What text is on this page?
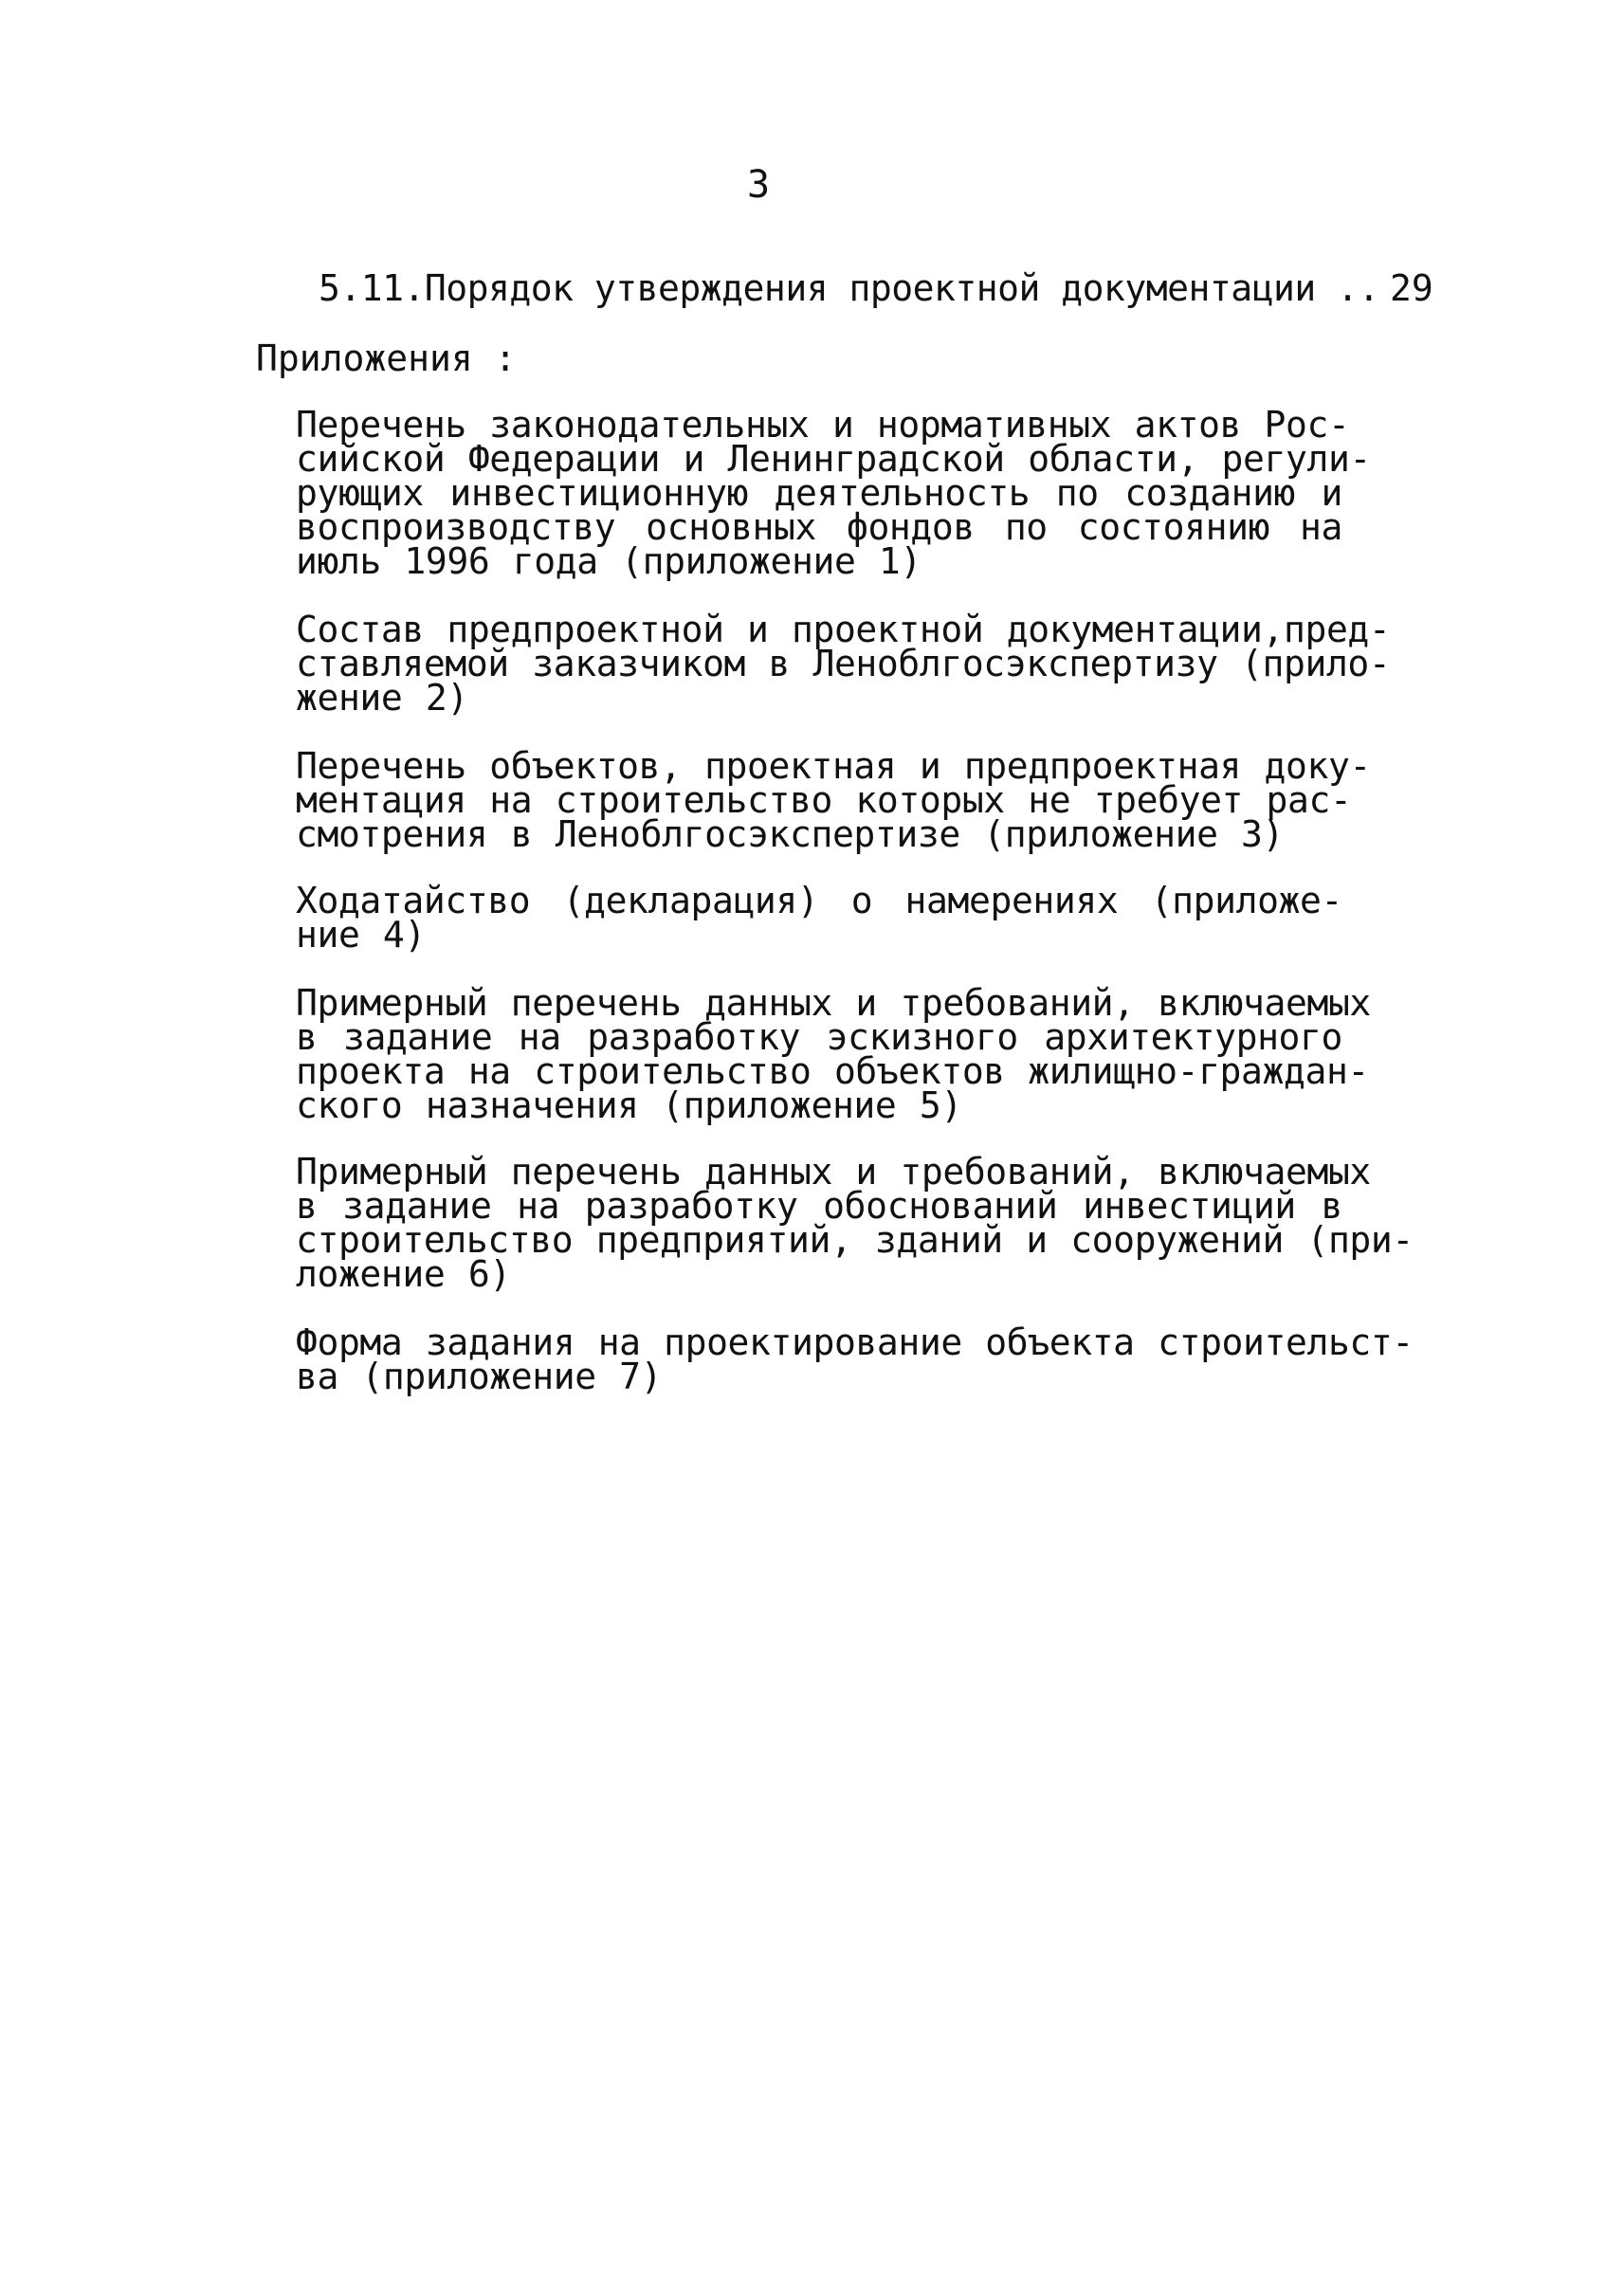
3
5.11.Порядок утверждения проектной документации .. 29
Приложения :
Перечень законодательных и нормативных актов Рос-
сийской Федерации и Ленинградской области, регули-
рующих инвестиционную деятельность по созданию и
воспроизводству основных фондов по состоянию на
июль 1996 года (приложение 1)
Состав предпроектной и проектной документации,пред-
ставляемой заказчиком в Леноблгосэкспертизу (прило-
жение 2)
Перечень объектов, проектная и предпроектная доку-
ментация на строительство которых не требует рас-
смотрения в Леноблгосэкспертизе (приложение 3)
Ходатайство (декларация) о намерениях (приложе-
ние 4)
Примерный перечень данных и требований, включаемых
в задание на разработку эскизного архитектурного
проекта на строительство объектов жилищно-граждан-
ского назначения (приложение 5)
Примерный перечень данных и требований, включаемых
в задание на разработку обоснований инвестиций в
строительство предприятий, зданий и сооружений (при-
ложение 6)
Форма задания на проектирование объекта строительст-
ва (приложение 7)
